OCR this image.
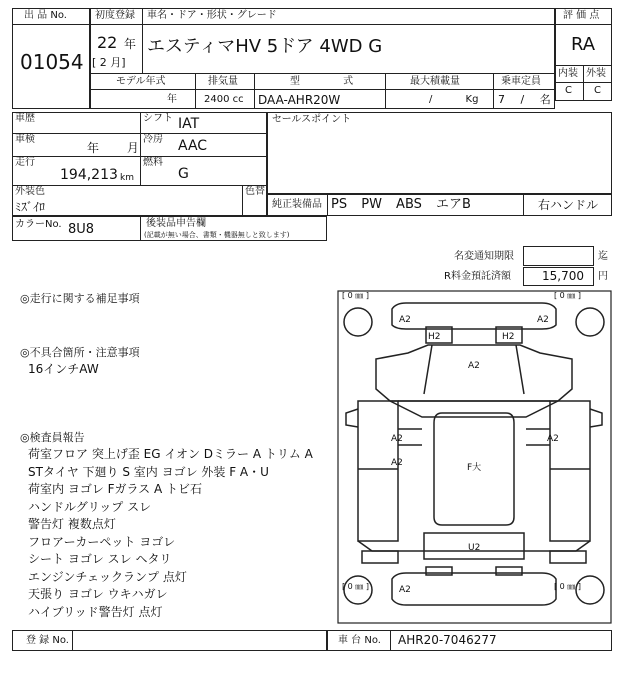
出 品 No.
01054
初度登録
22 年
[ 2 月]
車名・ドア・形状・グレード
エスティマHV 5ドア 4WD G
モデル年式
年
排気量
2400 cc
型 式
DAA-AHR20W
最大積載量
/ Kg
乗車定員
7 / 名
評 価 点
RA
内装 外装
C C
車歴	シフト IAT
車検
年 月
冷房 AAC
走行
194,213 km
燃料
G
外装色
ﾐｽﾞｲﾛ
色替
セールスポイント
純正装備品 PS PW ABS エアB	右ハンドル
カラーNo. 8U8	後装品申告欄
(記載が無い場合、書類・機器無しと致します)
名変通知期限	迄
R料金預託済額	15,700 円
◎走行に関する補足事項
◎不具合箇所・注意事項
16インチAW
◎検査員報告
荷室フロア 突上げ歪 EG イオン Dミラー A トリム A
STタイヤ 下廻り S 室内 ヨゴレ 外装 F A・U
荷室内 ヨゴレ Fガラス A トビ石
ハンドルグリップ スレ
警告灯 複数点灯
フロアーカーペット ヨゴレ
シート ヨゴレ スレ ヘタリ
エンジンチェックランプ 点灯
天張り ヨゴレ ウキハガレ
ハイブリッド警告灯 点灯
[ 0 ㎜ ]	[ 0 ㎜ ]
[ 0 ㎜ ]	[ 0 ㎜ ]
A2	A2
H2	H2
A2
A2	A2
A2	F大
U2
A2
登 録 No.	車 台 No. AHR20-7046277
